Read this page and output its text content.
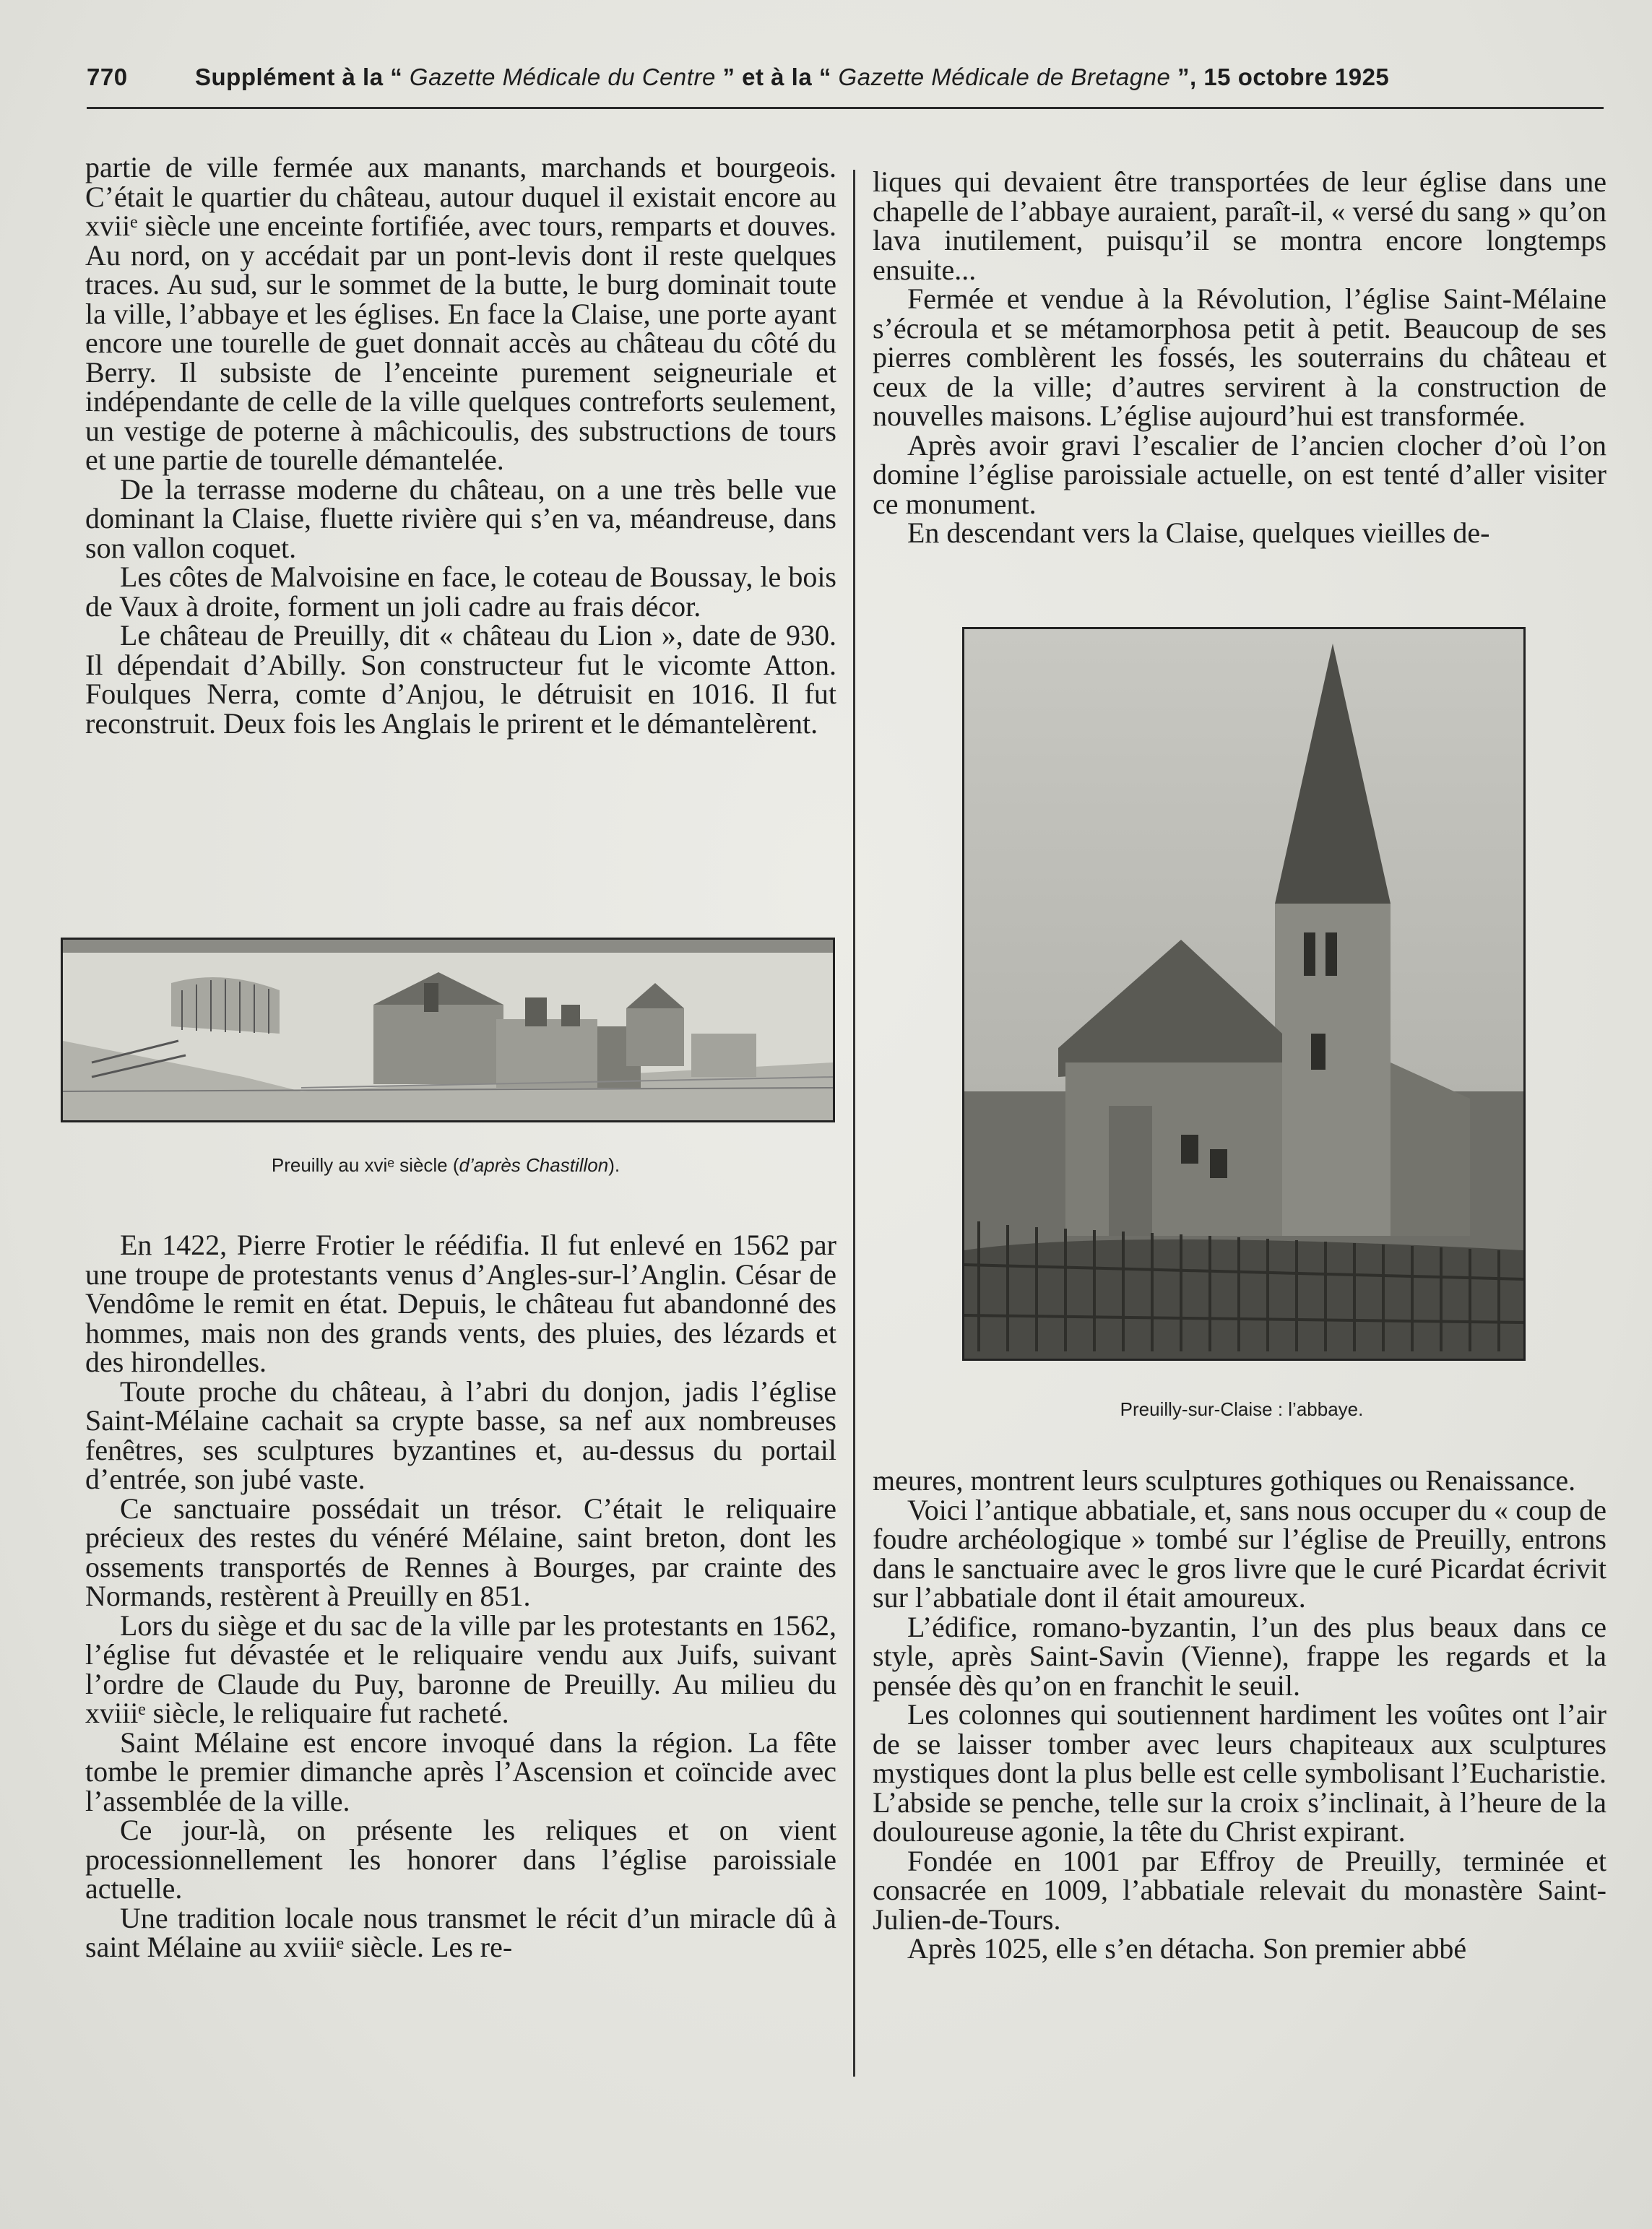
770	Supplément à la “ Gazette Médicale du Centre ” et à la “ Gazette Médicale de Bretagne ”, 15 octobre 1925

partie de ville fermée aux manants, marchands et bourgeois. C’était le quartier du château, autour duquel il existait encore au xviiᵉ siècle une enceinte fortifiée, avec tours, remparts et douves. Au nord, on y accédait par un pont-levis dont il reste quelques traces. Au sud, sur le sommet de la butte, le burg dominait toute la ville, l’abbaye et les églises. En face la Claise, une porte ayant encore une tourelle de guet donnait accès au château du côté du Berry. Il subsiste de l’enceinte purement seigneuriale et indépendante de celle de la ville quelques contreforts seulement, un vestige de poterne à mâchicoulis, des substructions de tours et une partie de tourelle démantelée.

De la terrasse moderne du château, on a une très belle vue dominant la Claise, fluette rivière qui s’en va, méandreuse, dans son vallon coquet.

Les côtes de Malvoisine en face, le coteau de Boussay, le bois de Vaux à droite, forment un joli cadre au frais décor.

Le château de Preuilly, dit « château du Lion », date de 930. Il dépendait d’Abilly. Son constructeur fut le vicomte Atton. Foulques Nerra, comte d’Anjou, le détruisit en 1016. Il fut reconstruit. Deux fois les Anglais le prirent et le démantelèrent.

Preuilly au xviᵉ siècle (d’après Chastillon).

En 1422, Pierre Frotier le réédifia. Il fut enlevé en 1562 par une troupe de protestants venus d’Angles-sur-l’Anglin. César de Vendôme le remit en état. Depuis, le château fut abandonné des hommes, mais non des grands vents, des pluies, des lézards et des hirondelles.

Toute proche du château, à l’abri du donjon, jadis l’église Saint-Mélaine cachait sa crypte basse, sa nef aux nombreuses fenêtres, ses sculptures byzantines et, au-dessus du portail d’entrée, son jubé vaste.

Ce sanctuaire possédait un trésor. C’était le reliquaire précieux des restes du vénéré Mélaine, saint breton, dont les ossements transportés de Rennes à Bourges, par crainte des Normands, restèrent à Preuilly en 851.

Lors du siège et du sac de la ville par les protestants en 1562, l’église fut dévastée et le reliquaire vendu aux Juifs, suivant l’ordre de Claude du Puy, baronne de Preuilly. Au milieu du xviiiᵉ siècle, le reliquaire fut racheté.

Saint Mélaine est encore invoqué dans la région. La fête tombe le premier dimanche après l’Ascension et coïncide avec l’assemblée de la ville.

Ce jour-là, on présente les reliques et on vient processionnellement les honorer dans l’église paroissiale actuelle.

Une tradition locale nous transmet le récit d’un miracle dû à saint Mélaine au xviiiᵉ siècle. Les re-

liques qui devaient être transportées de leur église dans une chapelle de l’abbaye auraient, paraît-il, « versé du sang » qu’on lava inutilement, puisqu’il se montra encore longtemps ensuite...

Fermée et vendue à la Révolution, l’église Saint-Mélaine s’écroula et se métamorphosa petit à petit. Beaucoup de ses pierres comblèrent les fossés, les souterrains du château et ceux de la ville; d’autres servirent à la construction de nouvelles maisons. L’église aujourd’hui est transformée.

Après avoir gravi l’escalier de l’ancien clocher d’où l’on domine l’église paroissiale actuelle, on est tenté d’aller visiter ce monument.

En descendant vers la Claise, quelques vieilles de-

Preuilly-sur-Claise : l’abbaye.

meures, montrent leurs sculptures gothiques ou Renaissance.

Voici l’antique abbatiale, et, sans nous occuper du « coup de foudre archéologique » tombé sur l’église de Preuilly, entrons dans le sanctuaire avec le gros livre que le curé Picardat écrivit sur l’abbatiale dont il était amoureux.

L’édifice, romano-byzantin, l’un des plus beaux dans ce style, après Saint-Savin (Vienne), frappe les regards et la pensée dès qu’on en franchit le seuil.

Les colonnes qui soutiennent hardiment les voûtes ont l’air de se laisser tomber avec leurs chapiteaux aux sculptures mystiques dont la plus belle est celle symbolisant l’Eucharistie. L’abside se penche, telle sur la croix s’inclinait, à l’heure de la douloureuse agonie, la tête du Christ expirant.

Fondée en 1001 par Effroy de Preuilly, terminée et consacrée en 1009, l’abbatiale relevait du monastère Saint-Julien-de-Tours.

Après 1025, elle s’en détacha. Son premier abbé
